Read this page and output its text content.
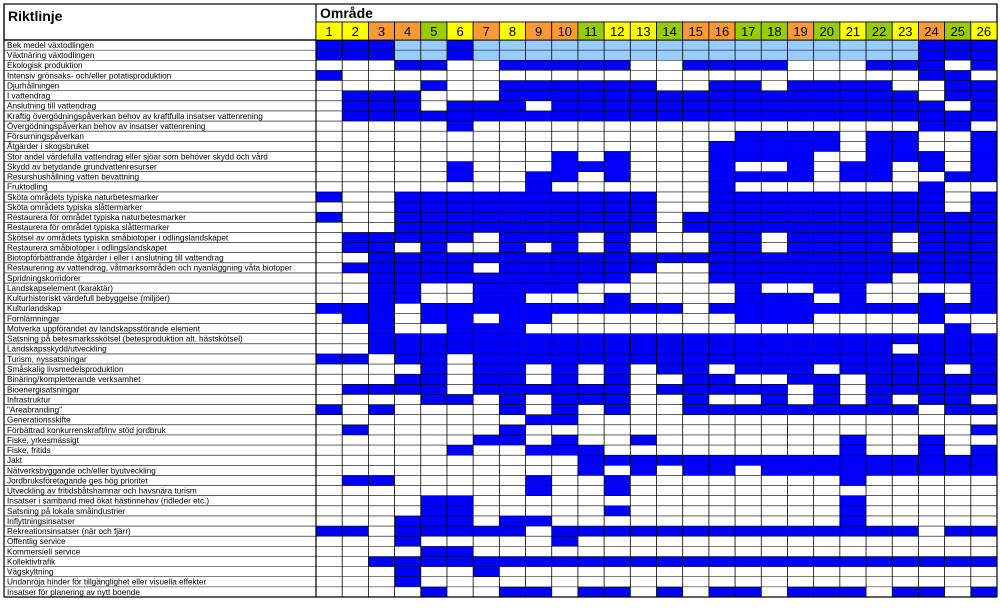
Bek medel växtodlingen
Växtnäring växtodlingen
Ekologisk produktion
Intensiv grönsaks- och/eller potatisproduktion
Djurhållningen
I vattendrag
Anslutning till vattendrag
Kraftig övergödningspåverkan behov av kraftfulla insatser vattenrening
Övergödningspåverkan behov av insatser vattenrening
Försurningspåverkan
Åtgärder i skogsbruket
Stor andel värdefulla vattendrag eller sjöar som behöver skydd och vård
Skydd av betydande grundvattenresurser
Resurshushållning vatten bevattning
Fruktodling
Sköta områdets typiska naturbetesmarker
Sköta områdets typiska slåttermarker
Restaurera för området typiska naturbetesmarker
Restaurera för området typiska slåttermarker
Skötsel av områdets typiska småbiotoper i odlingslandskapet
Restaurera småbiotoper i odlingslandskapet
Biotopförbättrande åtgärder i eller i anslutning till vattendrag
Restaurering av vattendrag, våtmarksområden och nyanläggning våta biotoper
Spridningskorridorer
Landskapselement (karaktär)
Kulturhistoriskt värdefull bebyggelse (miljöer)
Kulturlandskap
Fornlämningar
Motverka uppförandet av landskapsstörande element
Satsning på betesmarksskötsel (betesproduktion alt. hästskötsel)
Landskapsskydd/utveckling
Turism, nyssatsningar
Småskalig livsmedelsproduktion
Binäring/kompletterande verksamhet
Bioenergisatsningar
Infrastruktur
"Areabranding"
Generationsskifte
Förbättrad konkurrenskraft/inv stöd jordbruk
Fiske, yrkesmässigt
Fiske, fritids
Jakt
Nätverksbyggande och/eller byutveckling
Jordbruksföretagande ges hög prioritet
Utveckling av fritidsbåtshamnar och havsnära turism
Insatser i samband med ökat hästinnehav (ridleder etc.)
Satsning på lokala småindustrier
Inflyttningsinsatser
Rekreationsinsatser (när och fjärr)
Offentlig service
Kommersiell service
Kollektivtrafik
Vägskyltning
Undanröja hinder för tillgänglighet eller visuella effekter
Insatser för planering av nytt boende
1 2 3 4 5 6 7 8 9 10 11 12 13 14 15 16 17 18 19 20 21 22 23 24 25 26
Riktlinje	Område
